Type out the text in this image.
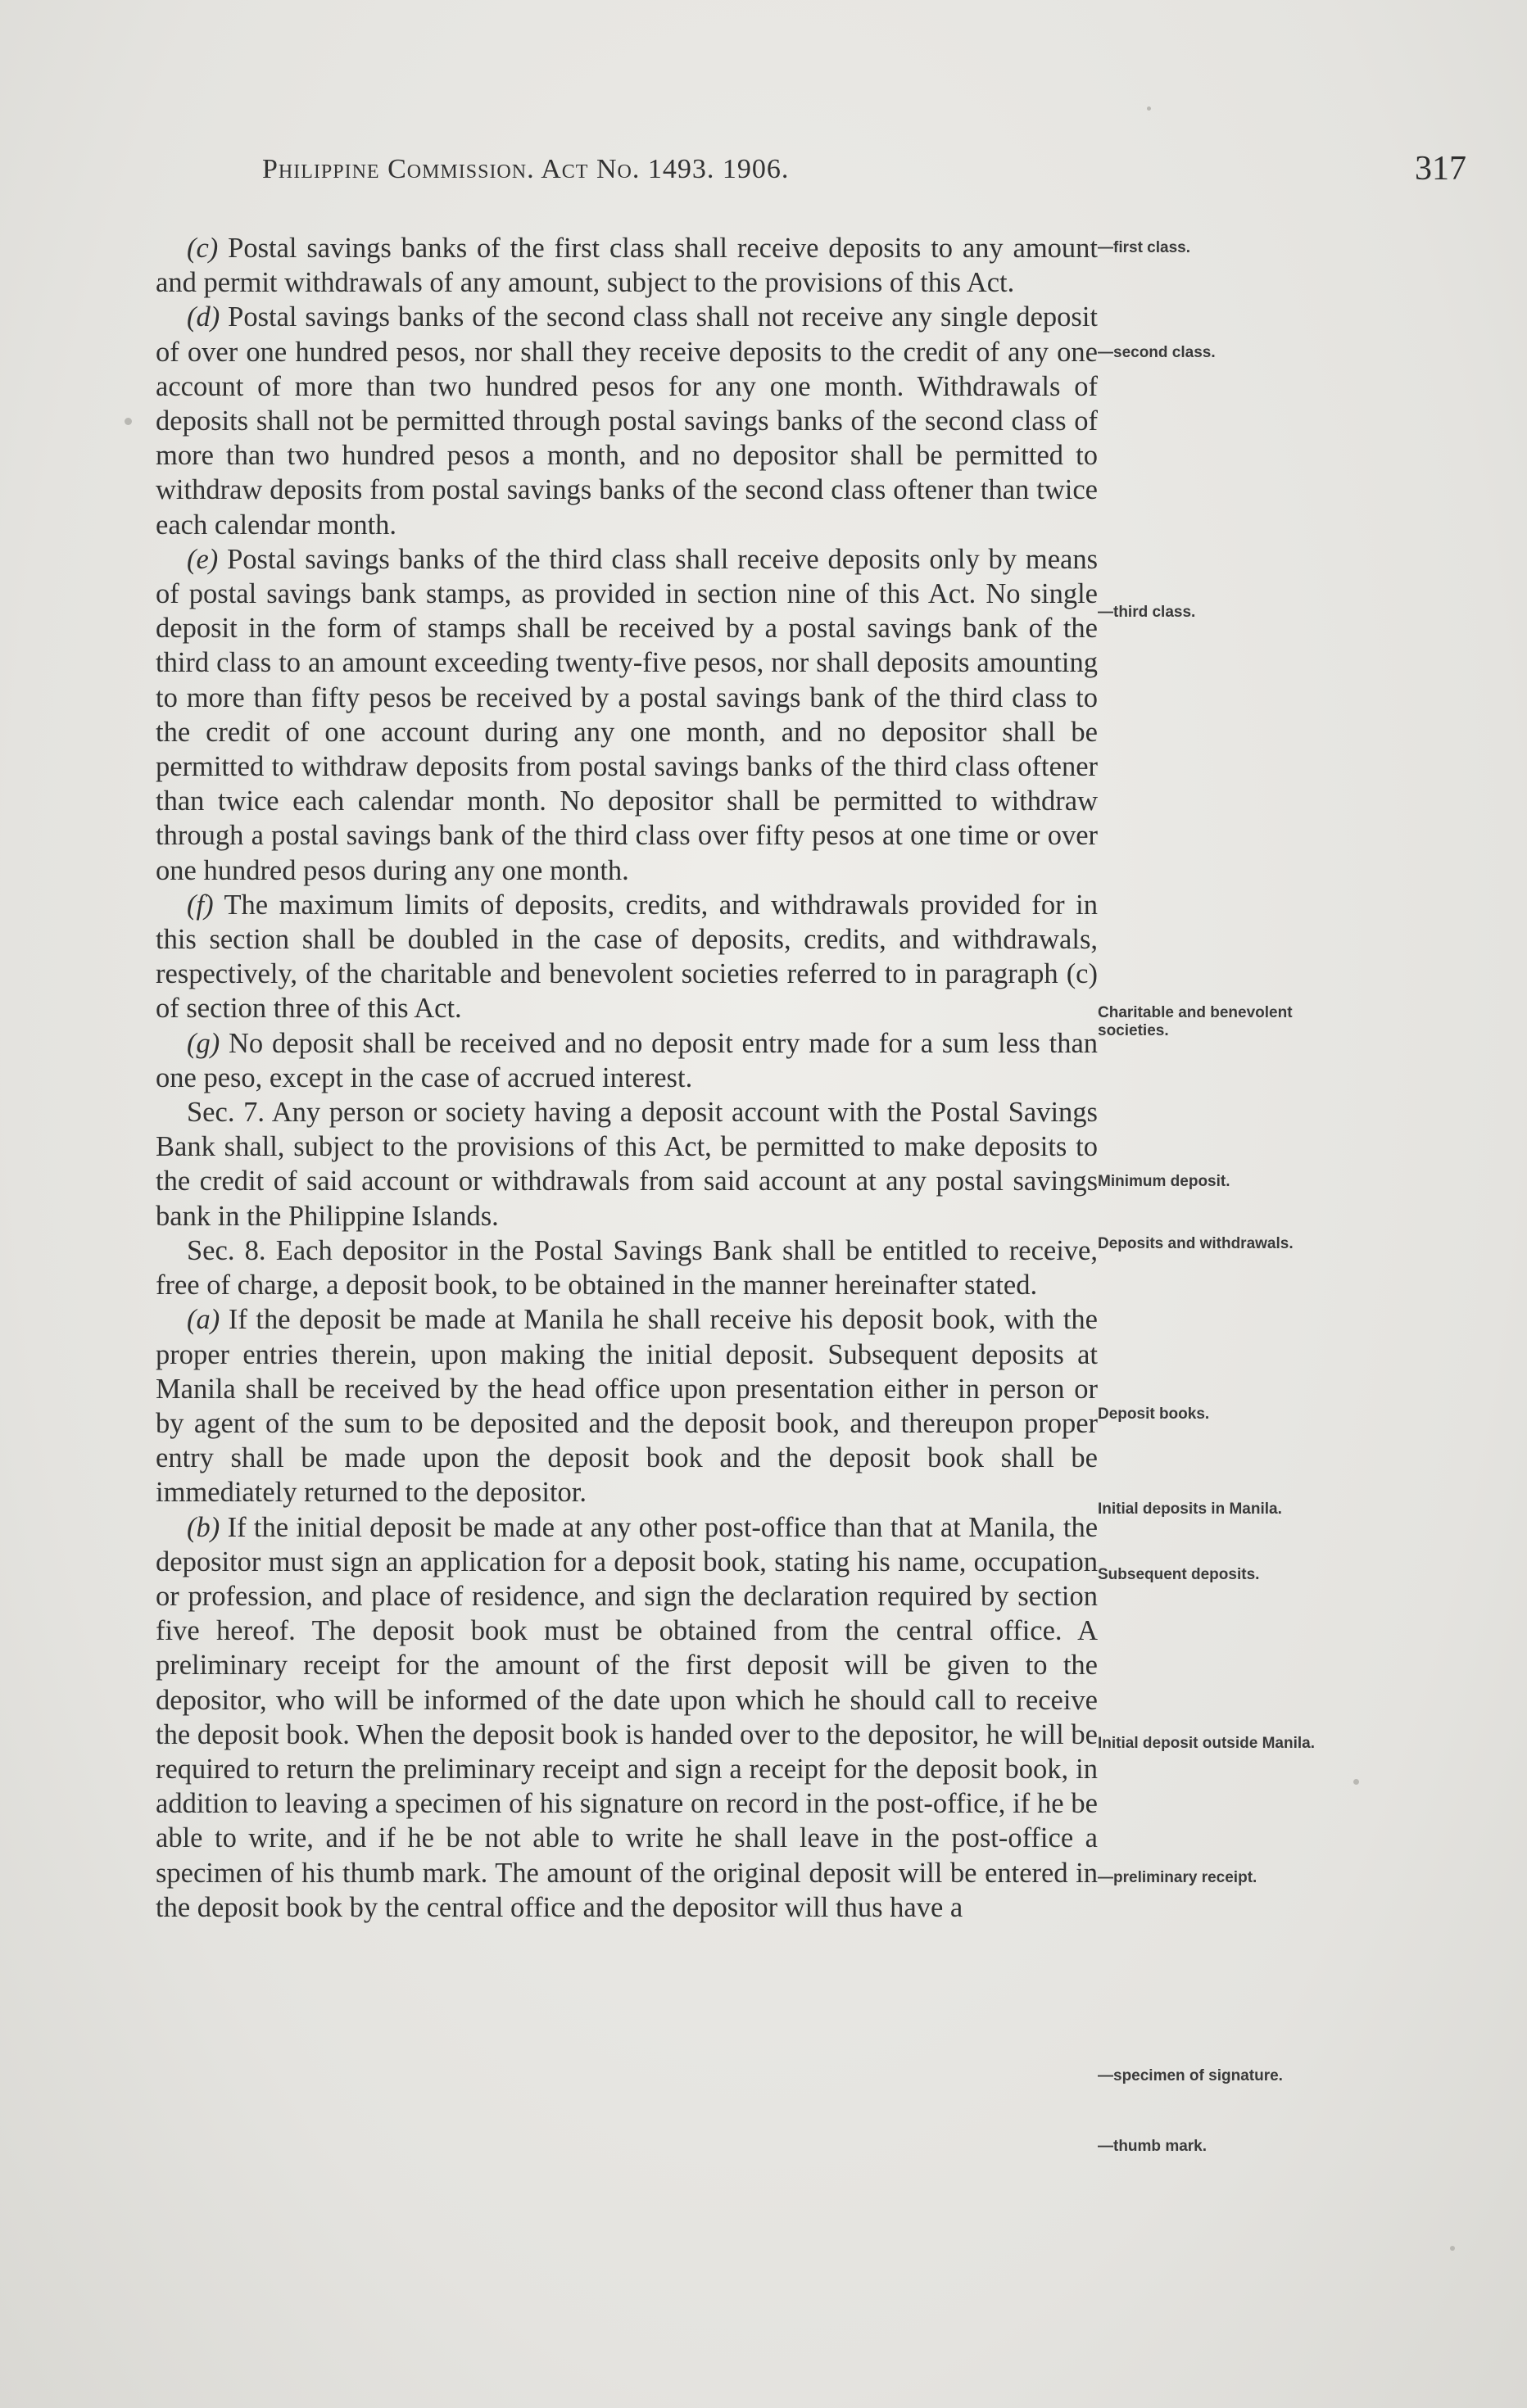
Philippine Commission. Act No. 1493. 1906.	317

(c) Postal savings banks of the first class shall receive deposits to any amount and permit withdrawals of any amount, subject to the provisions of this Act.

(d) Postal savings banks of the second class shall not receive any single deposit of over one hundred pesos, nor shall they receive deposits to the credit of any one account of more than two hundred pesos for any one month. Withdrawals of deposits shall not be permitted through postal savings banks of the second class of more than two hundred pesos a month, and no depositor shall be permitted to withdraw deposits from postal savings banks of the second class oftener than twice each calendar month.

(e) Postal savings banks of the third class shall receive deposits only by means of postal savings bank stamps, as provided in section nine of this Act. No single deposit in the form of stamps shall be received by a postal savings bank of the third class to an amount exceeding twenty-five pesos, nor shall deposits amounting to more than fifty pesos be received by a postal savings bank of the third class to the credit of one account during any one month, and no depositor shall be permitted to withdraw deposits from postal savings banks of the third class oftener than twice each calendar month. No depositor shall be permitted to withdraw through a postal savings bank of the third class over fifty pesos at one time or over one hundred pesos during any one month.

(f) The maximum limits of deposits, credits, and withdrawals provided for in this section shall be doubled in the case of deposits, credits, and withdrawals, respectively, of the charitable and benevolent societies referred to in paragraph (c) of section three of this Act.

(g) No deposit shall be received and no deposit entry made for a sum less than one peso, except in the case of accrued interest.

Sec. 7. Any person or society having a deposit account with the Postal Savings Bank shall, subject to the provisions of this Act, be permitted to make deposits to the credit of said account or withdrawals from said account at any postal savings bank in the Philippine Islands.

Sec. 8. Each depositor in the Postal Savings Bank shall be entitled to receive, free of charge, a deposit book, to be obtained in the manner hereinafter stated.

(a) If the deposit be made at Manila he shall receive his deposit book, with the proper entries therein, upon making the initial deposit. Subsequent deposits at Manila shall be received by the head office upon presentation either in person or by agent of the sum to be deposited and the deposit book, and thereupon proper entry shall be made upon the deposit book and the deposit book shall be immediately returned to the depositor.

(b) If the initial deposit be made at any other post-office than that at Manila, the depositor must sign an application for a deposit book, stating his name, occupation or profession, and place of residence, and sign the declaration required by section five hereof. The deposit book must be obtained from the central office. A preliminary receipt for the amount of the first deposit will be given to the depositor, who will be informed of the date upon which he should call to receive the deposit book. When the deposit book is handed over to the depositor, he will be required to return the preliminary receipt and sign a receipt for the deposit book, in addition to leaving a specimen of his signature on record in the post-office, if he be able to write, and if he be not able to write he shall leave in the post-office a specimen of his thumb mark. The amount of the original deposit will be entered in the deposit book by the central office and the depositor will thus have a

—first class.
—second class.
—third class.
Charitable and benevolent societies.
Minimum deposit.
Deposits and withdrawals.
Deposit books.
Initial deposits in Manila.
Subsequent deposits.
Initial deposit outside Manila.
—preliminary receipt.
—specimen of signature.
—thumb mark.
